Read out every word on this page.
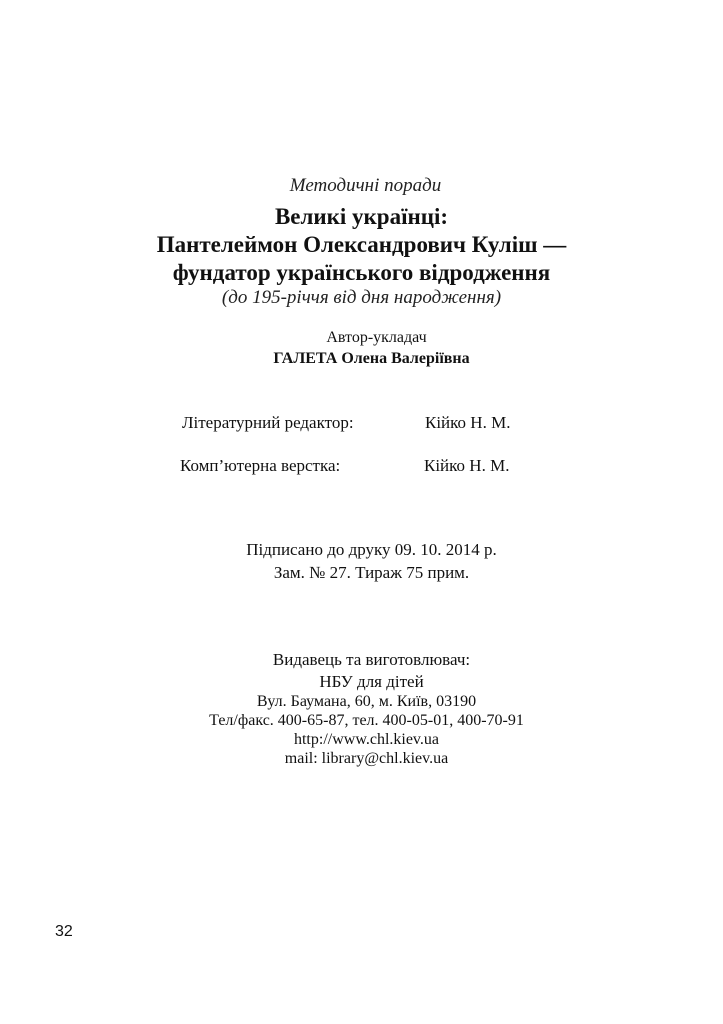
Методичні поради
Великі українці:
Пантелеймон Олександрович Куліш —
фундатор українського відродження
(до 195-річчя від дня народження)
Автор-укладач
ГАЛЕТА Олена Валеріївна
Літературний редактор:	Кійко Н. М.
Комп’ютерна верстка:	Кійко Н. М.
Підписано до друку 09. 10. 2014 р.
Зам. № 27. Тираж 75 прим.
Видавець та виготовлювач:
НБУ для дітей
Вул. Баумана, 60, м. Київ, 03190
Тел/факс. 400-65-87, тел. 400-05-01, 400-70-91
http://www.chl.kiev.ua
mail: library@chl.kiev.ua
32
